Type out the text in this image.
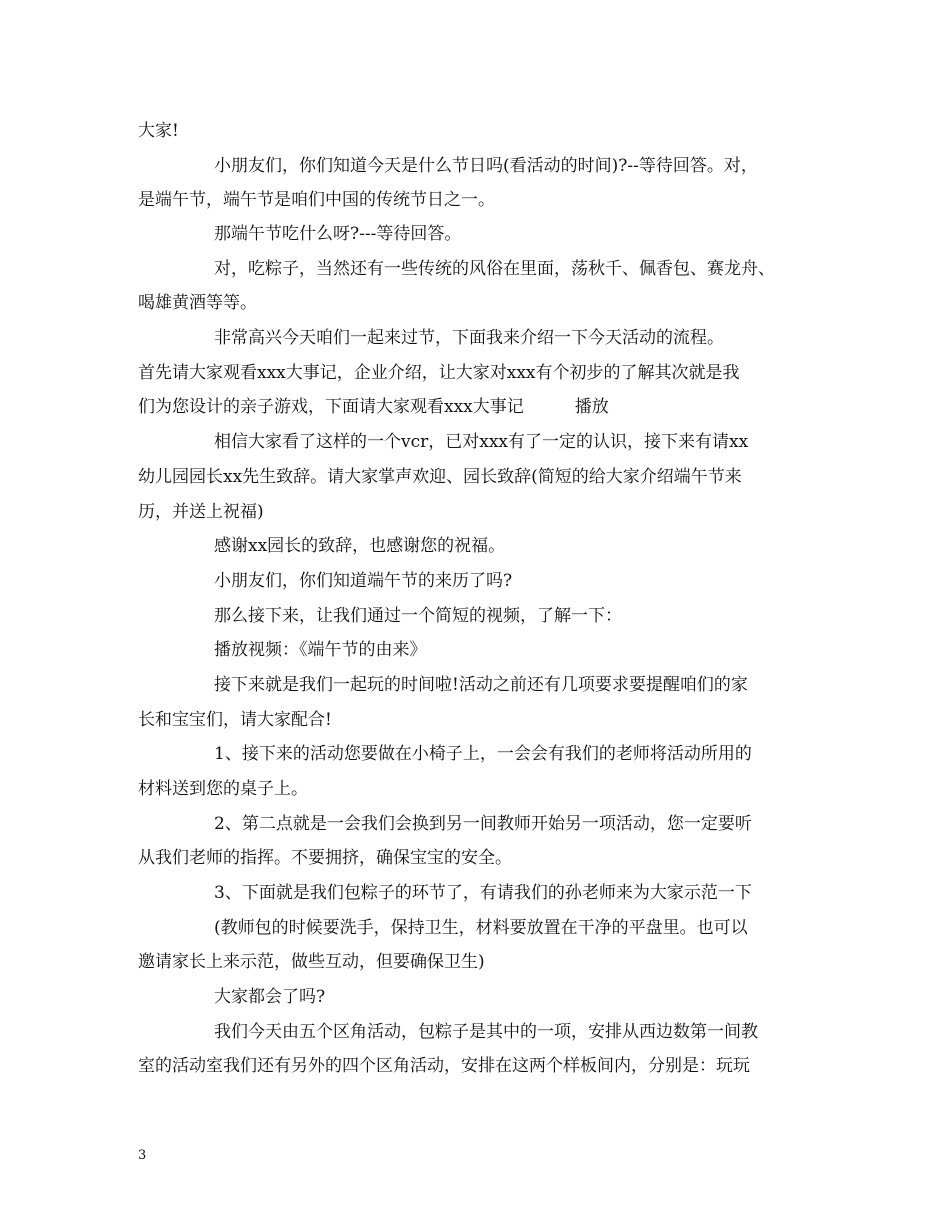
大家!
小朋友们，你们知道今天是什么节日吗(看活动的时间)?--等待回答。对，
是端午节，端午节是咱们中国的传统节日之一。
那端午节吃什么呀?---等待回答。
对，吃粽子，当然还有一些传统的风俗在里面，荡秋千、佩香包、赛龙舟、
喝雄黄酒等等。
非常高兴今天咱们一起来过节，下面我来介绍一下今天活动的流程。
首先请大家观看xxx大事记，企业介绍，让大家对xxx有个初步的了解其次就是我
们为您设计的亲子游戏，下面请大家观看xxx大事记　　　播放
相信大家看了这样的一个vcr，已对xxx有了一定的认识，接下来有请xx
幼儿园园长xx先生致辞。请大家掌声欢迎、园长致辞(简短的给大家介绍端午节来
历，并送上祝福)
感谢xx园长的致辞，也感谢您的祝福。
小朋友们，你们知道端午节的来历了吗?
那么接下来，让我们通过一个简短的视频，了解一下：
播放视频：《端午节的由来》
接下来就是我们一起玩的时间啦!活动之前还有几项要求要提醒咱们的家
长和宝宝们，请大家配合!
1、接下来的活动您要做在小椅子上，一会会有我们的老师将活动所用的
材料送到您的桌子上。
2、第二点就是一会我们会换到另一间教师开始另一项活动，您一定要听
从我们老师的指挥。不要拥挤，确保宝宝的安全。
3、下面就是我们包粽子的环节了，有请我们的孙老师来为大家示范一下
(教师包的时候要洗手，保持卫生，材料要放置在干净的平盘里。也可以
邀请家长上来示范，做些互动，但要确保卫生)
大家都会了吗?
我们今天由五个区角活动，包粽子是其中的一项，安排从西边数第一间教
室的活动室我们还有另外的四个区角活动，安排在这两个样板间内，分别是：玩玩
3
